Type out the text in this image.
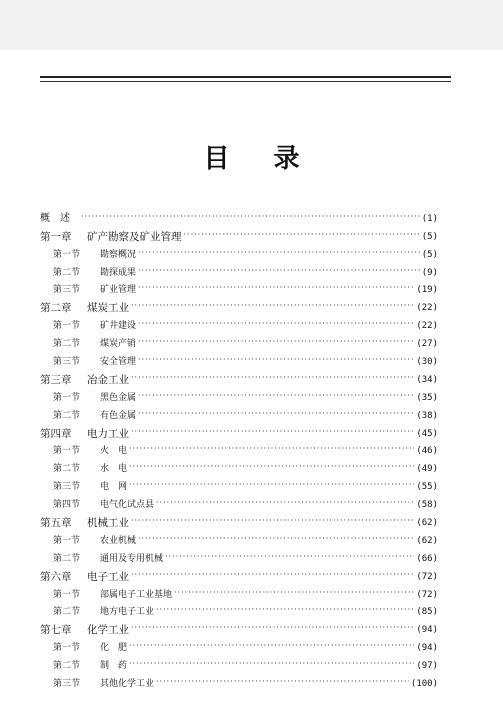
目 录
概　述 ·····	(1)
第一章 矿产勘察及矿业管理 ·····	(5)
第一节 勘察概况 ·····	(5)
第二节 勘探成果 ·····	(9)
第三节 矿业管理 ·····	(19)
第二章 煤炭工业 ·····	(22)
第一节 矿井建设 ·····	(22)
第二节 煤炭产销 ·····	(27)
第三节 安全管理 ·····	(30)
第三章 冶金工业 ·····	(34)
第一节 黑色金属 ·····	(35)
第二节 有色金属 ·····	(38)
第四章 电力工业 ·····	(45)
第一节 火　电 ·····	(46)
第二节 水　电 ·····	(49)
第三节 电　网 ·····	(55)
第四节 电气化试点县 ·····	(58)
第五章 机械工业 ·····	(62)
第一节 农业机械 ·····	(62)
第二节 通用及专用机械 ·····	(66)
第六章 电子工业 ·····	(72)
第一节 部属电子工业基地 ·····	(72)
第二节 地方电子工业 ·····	(85)
第七章 化学工业 ·····	(94)
第一节 化　肥 ·····	(94)
第二节 制　药 ·····	(97)
第三节 其他化学工业 ·····	(100)
